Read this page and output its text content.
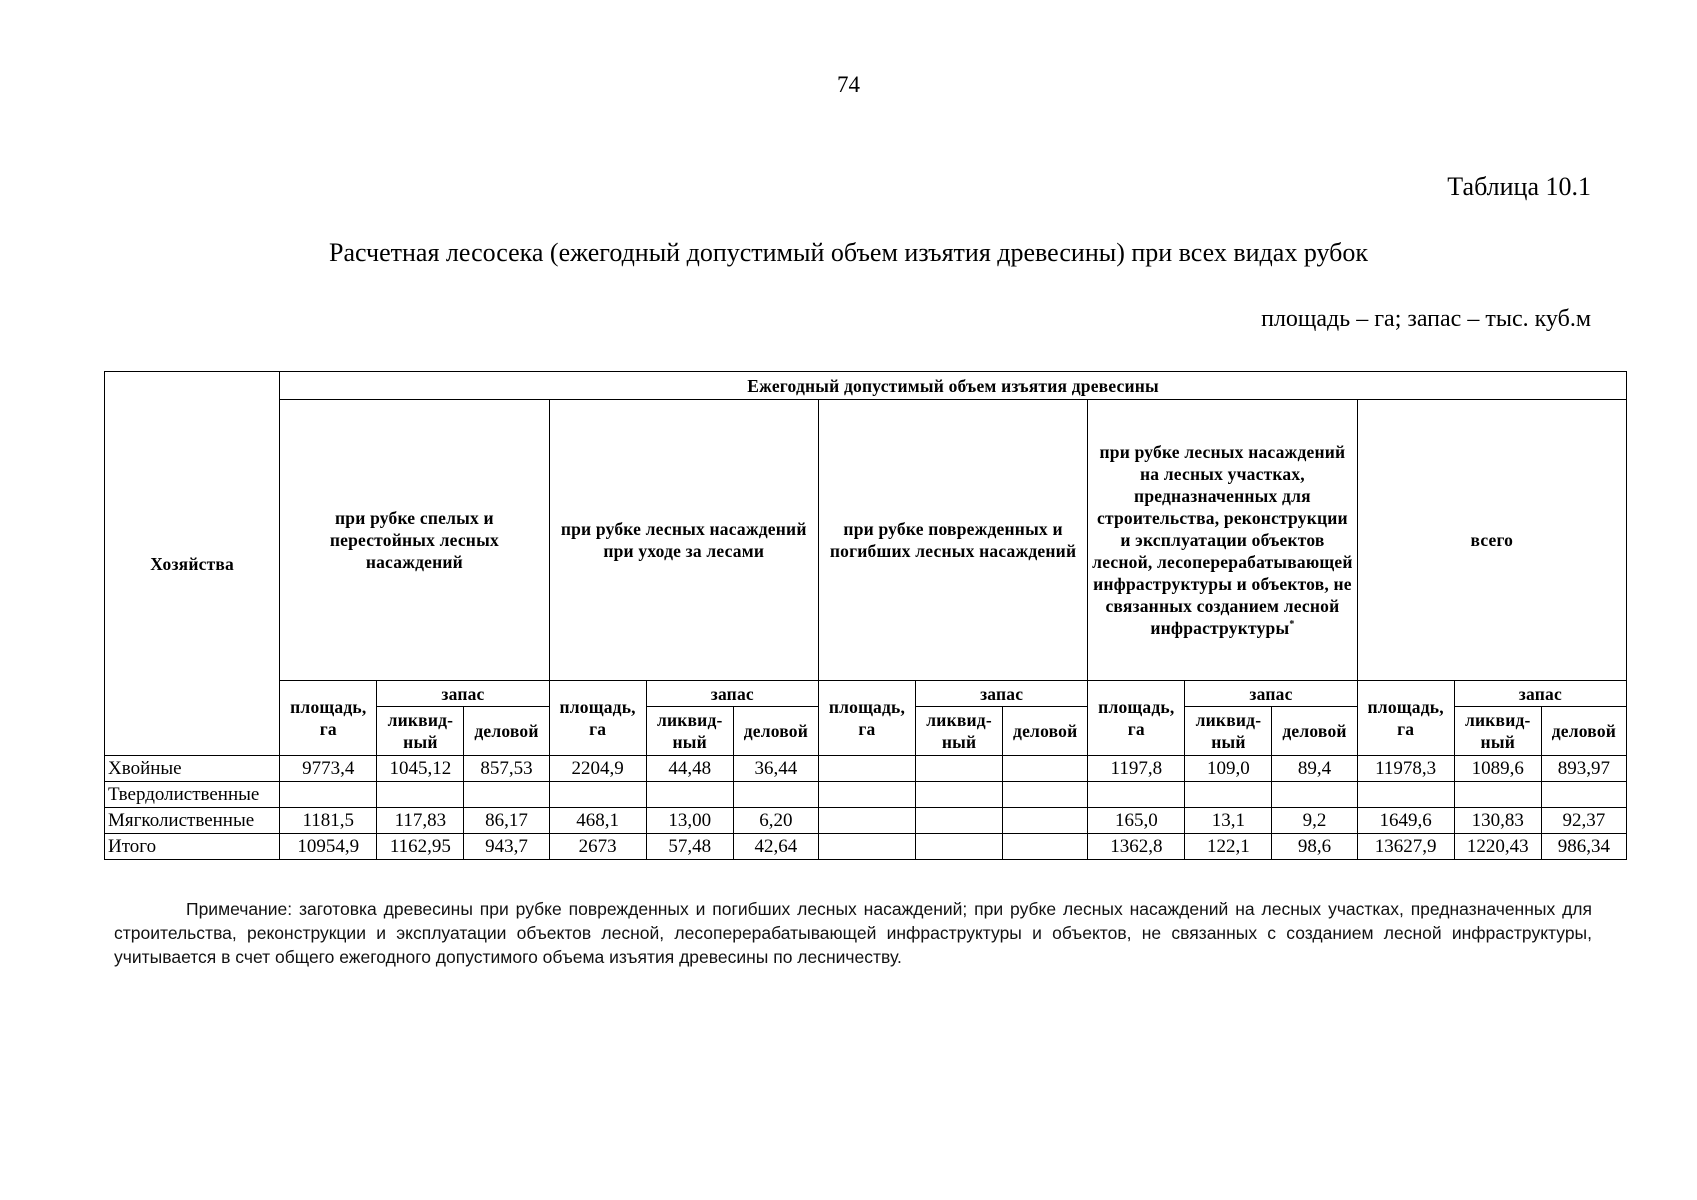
74
Таблица 10.1
Расчетная лесосека (ежегодный допустимый объем изъятия древесины) при всех видах рубок
площадь – га; запас – тыс. куб.м
Хозяйства	Ежегодный допустимый объем изъятия древесины														
	при рубке спелых и перестойных лесных насаждений			при рубке лесных насаждений при уходе за лесами			при рубке поврежденных и погибших лесных насаждений			при рубке лесных насаждений на лесных участках, предназначенных для строительства, реконструкции и эксплуатации объектов лесной, лесоперерабатывающей инфраструктуры и объектов, не связанных созданием лесной инфраструктуры*			всего		
	площадь, га	запас		площадь, га	запас		площадь, га	запас		площадь, га	запас		площадь, га	запас	
		ликвид-ный	деловой		ликвид-ный	деловой		ликвид-ный	деловой		ликвид-ный	деловой		ликвид-ный	деловой
Хвойные	9773,4	1045,12	857,53	2204,9	44,48	36,44				1197,8	109,0	89,4	11978,3	1089,6	893,97
Твердолиственные															
Мягколиственные	1181,5	117,83	86,17	468,1	13,00	6,20				165,0	13,1	9,2	1649,6	130,83	92,37
Итого	10954,9	1162,95	943,7	2673	57,48	42,64				1362,8	122,1	98,6	13627,9	1220,43	986,34
Примечание: заготовка древесины при рубке поврежденных и погибших лесных насаждений; при рубке лесных насаждений на лесных участках, предназначенных для строительства, реконструкции и эксплуатации объектов лесной, лесоперерабатывающей инфраструктуры и объектов, не связанных с созданием лесной инфраструктуры, учитывается в счет общего ежегодного допустимого объема изъятия древесины по лесничеству.
